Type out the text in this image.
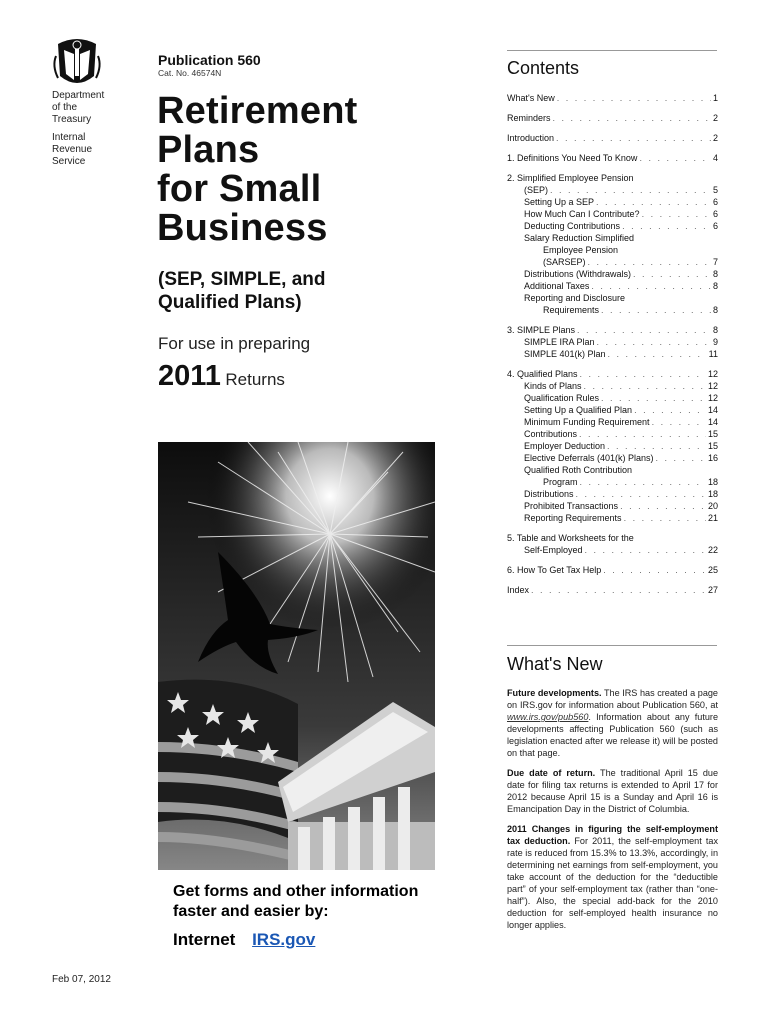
Department
of the
Treasury
Internal
Revenue
Service
Feb 07, 2012
Publication 560
Cat. No. 46574N
Retirement
Plans
for Small
Business
(SEP, SIMPLE, and
Qualified Plans)
For use in preparing
2011 Returns
Get forms and other information faster and easier by:
Internet IRS.gov
Contents
What's New . . .	1
Reminders . . .	2
Introduction . . .	2
1. Definitions You Need To Know . . .	4
2. Simplified Employee Pension
(SEP) . . .	5
Setting Up a SEP . . .	6
How Much Can I Contribute? . . .	6
Deducting Contributions . . .	6
Salary Reduction Simplified
Employee Pension
(SARSEP) . . .	7
Distributions (Withdrawals) . . .	8
Additional Taxes . . .	8
Reporting and Disclosure
Requirements . . .	8
3. SIMPLE Plans . . .	8
SIMPLE IRA Plan . . .	9
SIMPLE 401(k) Plan . . .	11
4. Qualified Plans . . .	12
Kinds of Plans . . .	12
Qualification Rules . . .	12
Setting Up a Qualified Plan . . .	14
Minimum Funding Requirement . . .	14
Contributions . . .	15
Employer Deduction . . .	15
Elective Deferrals (401(k) Plans) . . .	16
Qualified Roth Contribution
Program . . .	18
Distributions . . .	18
Prohibited Transactions . . .	20
Reporting Requirements . . .	21
5. Table and Worksheets for the
Self-Employed . . .	22
6. How To Get Tax Help . . .	25
Index . . .	27
What's New

Future developments. The IRS has created a page on IRS.gov for information about Publication 560, at www.irs.gov/pub560. Information about any future developments affecting Publication 560 (such as legislation enacted after we release it) will be posted on that page.

Due date of return. The traditional April 15 due date for filing tax returns is extended to April 17 for 2012 because April 15 is a Sunday and April 16 is Emancipation Day in the District of Columbia.

2011 Changes in figuring the self-employment tax deduction. For 2011, the self-employment tax rate is reduced from 15.3% to 13.3%, accordingly, in determining net earnings from self-employment, you take account of the deduction for the “deductible part” of your self-employment tax (rather than “one-half”). Also, the special add-back for the 2010 deduction for self-employed health insurance no longer applies.
